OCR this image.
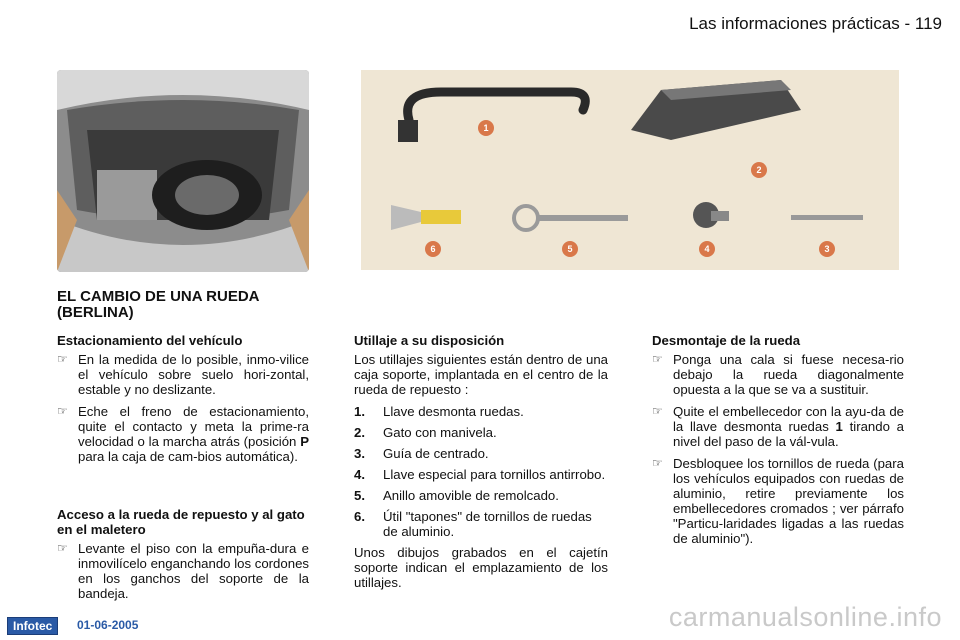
Las informaciones prácticas - 119
1
2
3
4
5
6
EL CAMBIO DE UNA RUEDA (BERLINA)
Estacionamiento del vehículo
☞ En la medida de lo posible, inmo-vilice el vehículo sobre suelo hori-zontal, estable y no deslizante.
☞ Eche el freno de estacionamiento, quite el contacto y meta la prime-ra velocidad o la marcha atrás (posición P para la caja de cam-bios automática).
Acceso a la rueda de repuesto y al gato en el maletero
☞ Levante el piso con la empuña-dura e inmovilícelo enganchando los cordones en los ganchos del soporte de la bandeja.
Utillaje a su disposición
Los utillajes siguientes están dentro de una caja soporte, implantada en el centro de la rueda de repuesto :
1. Llave desmonta ruedas.
2. Gato con manivela.
3. Guía de centrado.
4. Llave especial para tornillos antirrobo.
5. Anillo amovible de remolcado.
6. Útil "tapones" de tornillos de ruedas de aluminio.
Unos dibujos grabados en el cajetín soporte indican el emplazamiento de los utillajes.
Desmontaje de la rueda
☞ Ponga una cala si fuese necesa-rio debajo la rueda diagonalmente opuesta a la que se va a sustituir.
☞ Quite el embellecedor con la ayu-da de la llave desmonta ruedas 1 tirando a nivel del paso de la vál-vula.
☞ Desbloquee los tornillos de rueda (para los vehículos equipados con ruedas de aluminio, retire previamente los embellecedores cromados ; ver párrafo "Particu-laridades ligadas a las ruedas de aluminio").
Infotec	01-06-2005	carmanualsonline.info
